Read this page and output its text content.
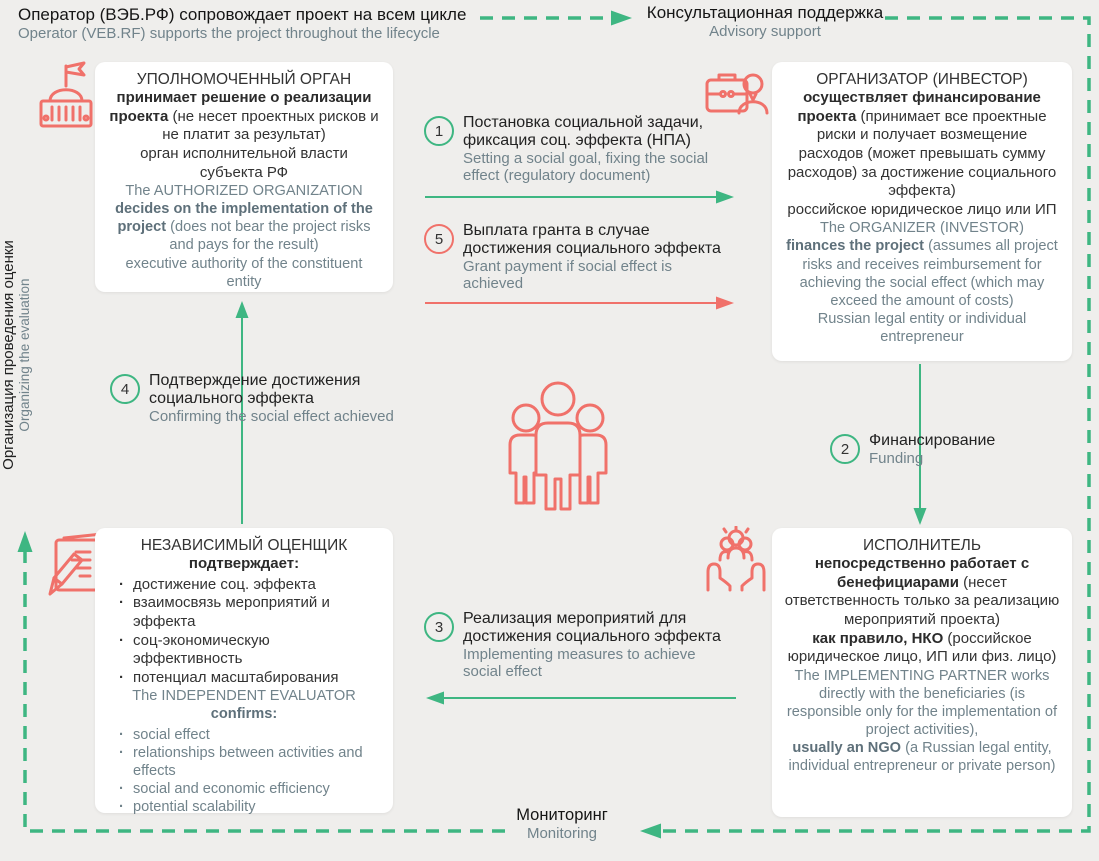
Оператор (ВЭБ.РФ) сопровождает проект на всем цикле
Operator (VEB.RF) supports the project throughout the lifecycle
Консультационная поддержка
Advisory support
Организация проведения оценки Organizing the evaluation
УПОЛНОМОЧЕННЫЙ ОРГАН
принимает решение о реализации проекта (не несет проектных рисков и не платит за результат)
орган исполнительной власти субъекта РФ
The AUTHORIZED ORGANIZATION
decides on the implementation of the project (does not bear the project risks and pays for the result)
executive authority of the constituent entity
ОРГАНИЗАТОР (ИНВЕСТОР)
осуществляет финансирование проекта (принимает все проектные риски и получает возмещение расходов (может превышать сумму расходов) за достижение социального эффекта)
российское юридическое лицо или ИП
The ORGANIZER (INVESTOR)
finances the project (assumes all project risks and receives reimbursement for achieving the social effect (which may exceed the amount of costs)
Russian legal entity or individual entrepreneur
1	Постановка социальной задачи, фиксация соц. эффекта (НПА)
Setting a social goal, fixing the social effect (regulatory document)
5	Выплата гранта в случае достижения социального эффекта
Grant payment if social effect is achieved
4	Подтверждение достижения социального эффекта
Confirming the social effect achieved
2	Финансирование
Funding
3	Реализация мероприятий для достижения социального эффекта
Implementing measures to achieve social effect
НЕЗАВИСИМЫЙ ОЦЕНЩИК
подтверждает:
· достижение соц. эффекта
· взаимосвязь мероприятий и эффекта
· соц-экономическую эффективность
· потенциал масштабирования
The INDEPENDENT EVALUATOR
confirms:
· social effect
· relationships between activities and effects
· social and economic efficiency
· potential scalability
ИСПОЛНИТЕЛЬ
непосредственно работает с бенефициарами (несет ответственность только за реализацию мероприятий проекта)
как правило, НКО (российское юридическое лицо, ИП или физ. лицо)
The IMPLEMENTING PARTNER works directly with the beneficiaries (is responsible only for the implementation of project activities),
usually an NGO (a Russian legal entity, individual entrepreneur or private person)
Мониторинг
Monitoring
